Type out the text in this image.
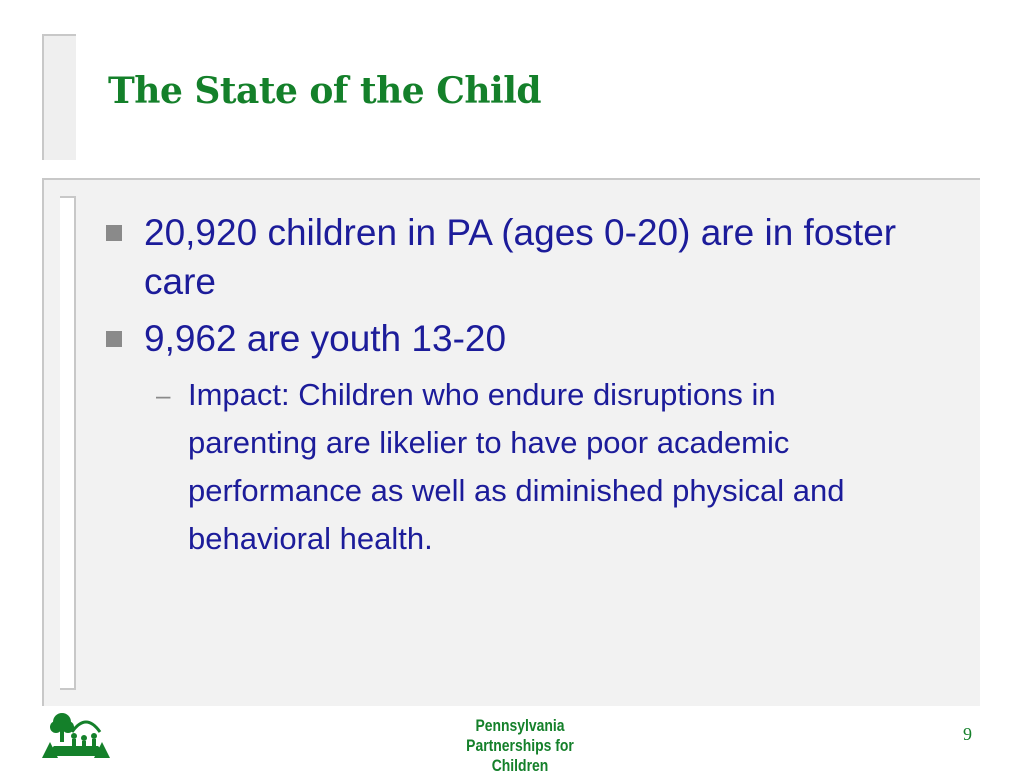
The State of the Child
20,920 children in PA (ages 0-20) are in foster care
9,962 are youth 13-20
– Impact: Children who endure disruptions in parenting are likelier to have poor academic performance as well as diminished physical and behavioral health.
Pennsylvania
Partnerships for Children
9
